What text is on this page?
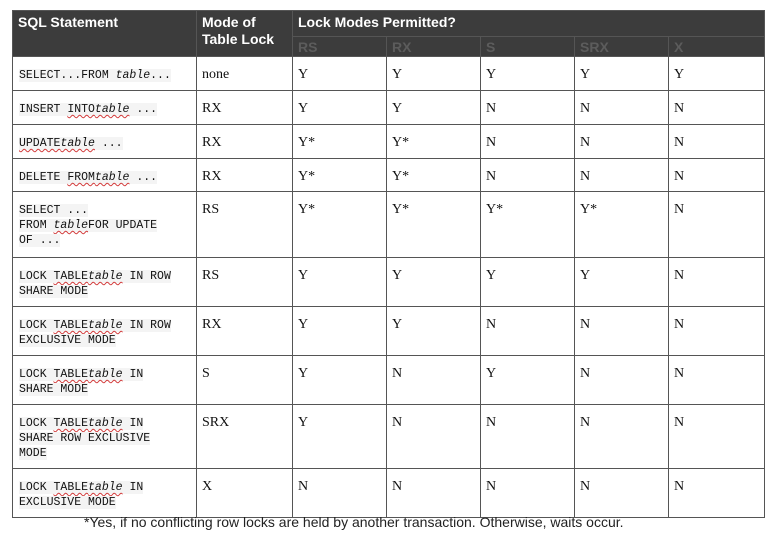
SQL Statement	Mode of Table Lock	Lock Modes Permitted?				
		RS	RX	S	SRX	X
SELECT...FROM table...	none	Y	Y	Y	Y	Y
INSERT INTOtable ...	RX	Y	Y	N	N	N
UPDATEtable ...	RX	Y*	Y*	N	N	N
DELETE FROMtable ...	RX	Y*	Y*	N	N	N
SELECT ...
FROM tableFOR UPDATE
OF ...	RS	Y*	Y*	Y*	Y*	N
LOCK TABLEtable IN ROW
SHARE MODE	RS	Y	Y	Y	Y	N
LOCK TABLEtable IN ROW
EXCLUSIVE MODE	RX	Y	Y	N	N	N
LOCK TABLEtable IN
SHARE MODE	S	Y	N	Y	N	N
LOCK TABLEtable IN
SHARE ROW EXCLUSIVE
MODE	SRX	Y	N	N	N	N
LOCK TABLEtable IN
EXCLUSIVE MODE	X	N	N	N	N	N
*Yes, if no conflicting row locks are held by another transaction. Otherwise, waits occur.
